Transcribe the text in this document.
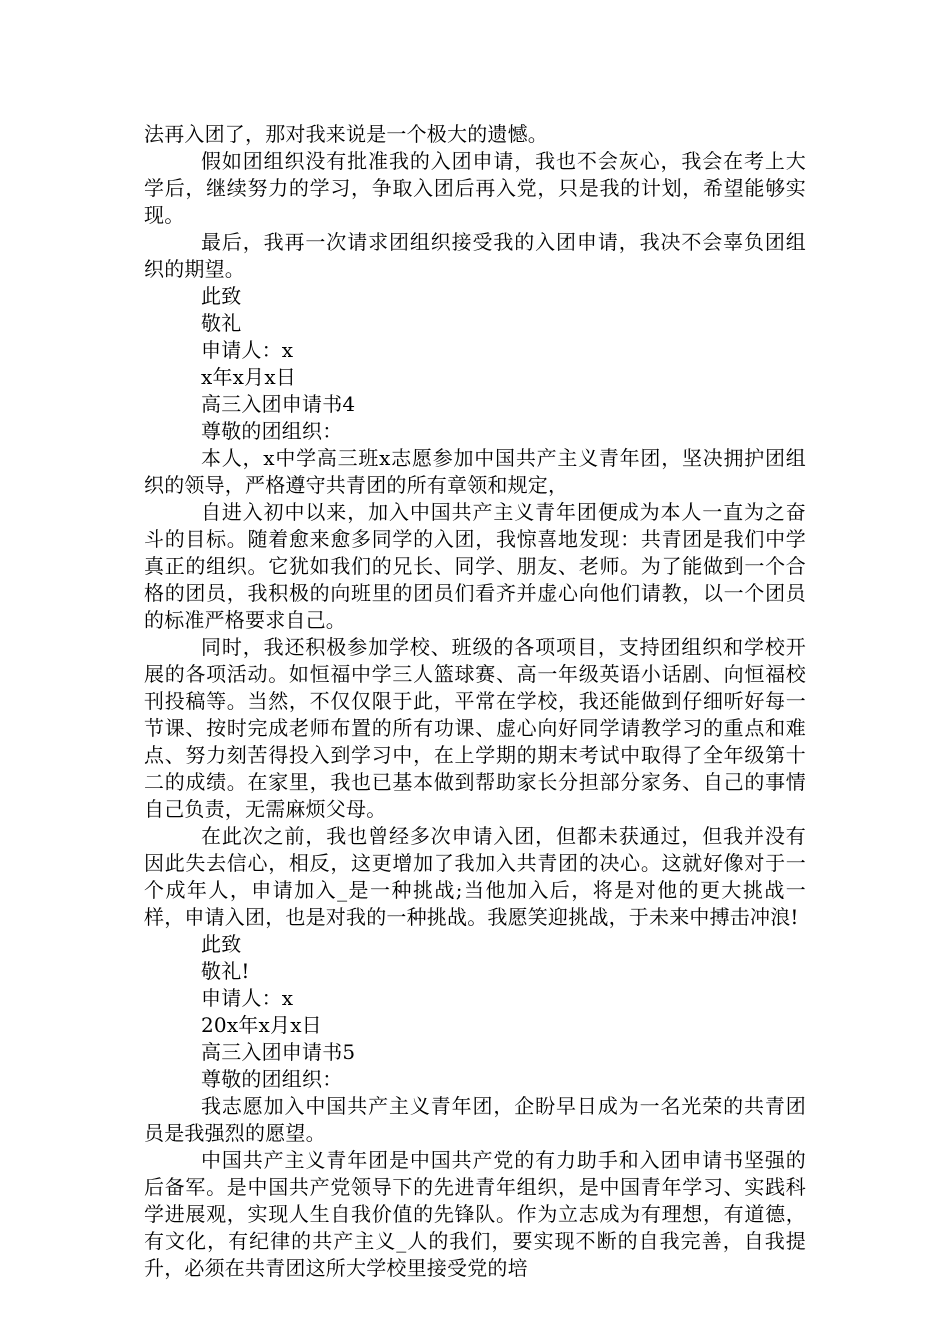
法再入团了，那对我来说是一个极大的遗憾。

假如团组织没有批准我的入团申请，我也不会灰心，我会在考上大学后，继续努力的学习，争取入团后再入党，只是我的计划，希望能够实现。

最后，我再一次请求团组织接受我的入团申请，我决不会辜负团组织的期望。

此致

敬礼

申请人：x

x年x月x日

高三入团申请书4

尊敬的团组织：

本人，x中学高三班x志愿参加中国共产主义青年团，坚决拥护团组织的领导，严格遵守共青团的所有章领和规定，

自进入初中以来，加入中国共产主义青年团便成为本人一直为之奋斗的目标。随着愈来愈多同学的入团，我惊喜地发现：共青团是我们中学真正的组织。它犹如我们的兄长、同学、朋友、老师。为了能做到一个合格的团员，我积极的向班里的团员们看齐并虚心向他们请教，以一个团员的标准严格要求自己。

同时，我还积极参加学校、班级的各项项目，支持团组织和学校开展的各项活动。如恒福中学三人篮球赛、高一年级英语小话剧、向恒福校刊投稿等。当然，不仅仅限于此，平常在学校，我还能做到仔细听好每一节课、按时完成老师布置的所有功课、虚心向好同学请教学习的重点和难点、努力刻苦得投入到学习中，在上学期的期末考试中取得了全年级第十二的成绩。在家里，我也已基本做到帮助家长分担部分家务、自己的事情自己负责，无需麻烦父母。

在此次之前，我也曾经多次申请入团，但都未获通过，但我并没有因此失去信心，相反，这更增加了我加入共青团的决心。这就好像对于一个成年人，申请加入_是一种挑战;当他加入后，将是对他的更大挑战一样，申请入团，也是对我的一种挑战。我愿笑迎挑战，于未来中搏击冲浪!

此致

敬礼!

申请人：x

20x年x月x日

高三入团申请书5

尊敬的团组织：

我志愿加入中国共产主义青年团，企盼早日成为一名光荣的共青团员是我强烈的愿望。

中国共产主义青年团是中国共产党的有力助手和入团申请书坚强的后备军。是中国共产党领导下的先进青年组织，是中国青年学习、实践科学进展观，实现人生自我价值的先锋队。作为立志成为有理想，有道德，有文化，有纪律的共产主义_人的我们，要实现不断的自我完善，自我提升，必须在共青团这所大学校里接受党的培
